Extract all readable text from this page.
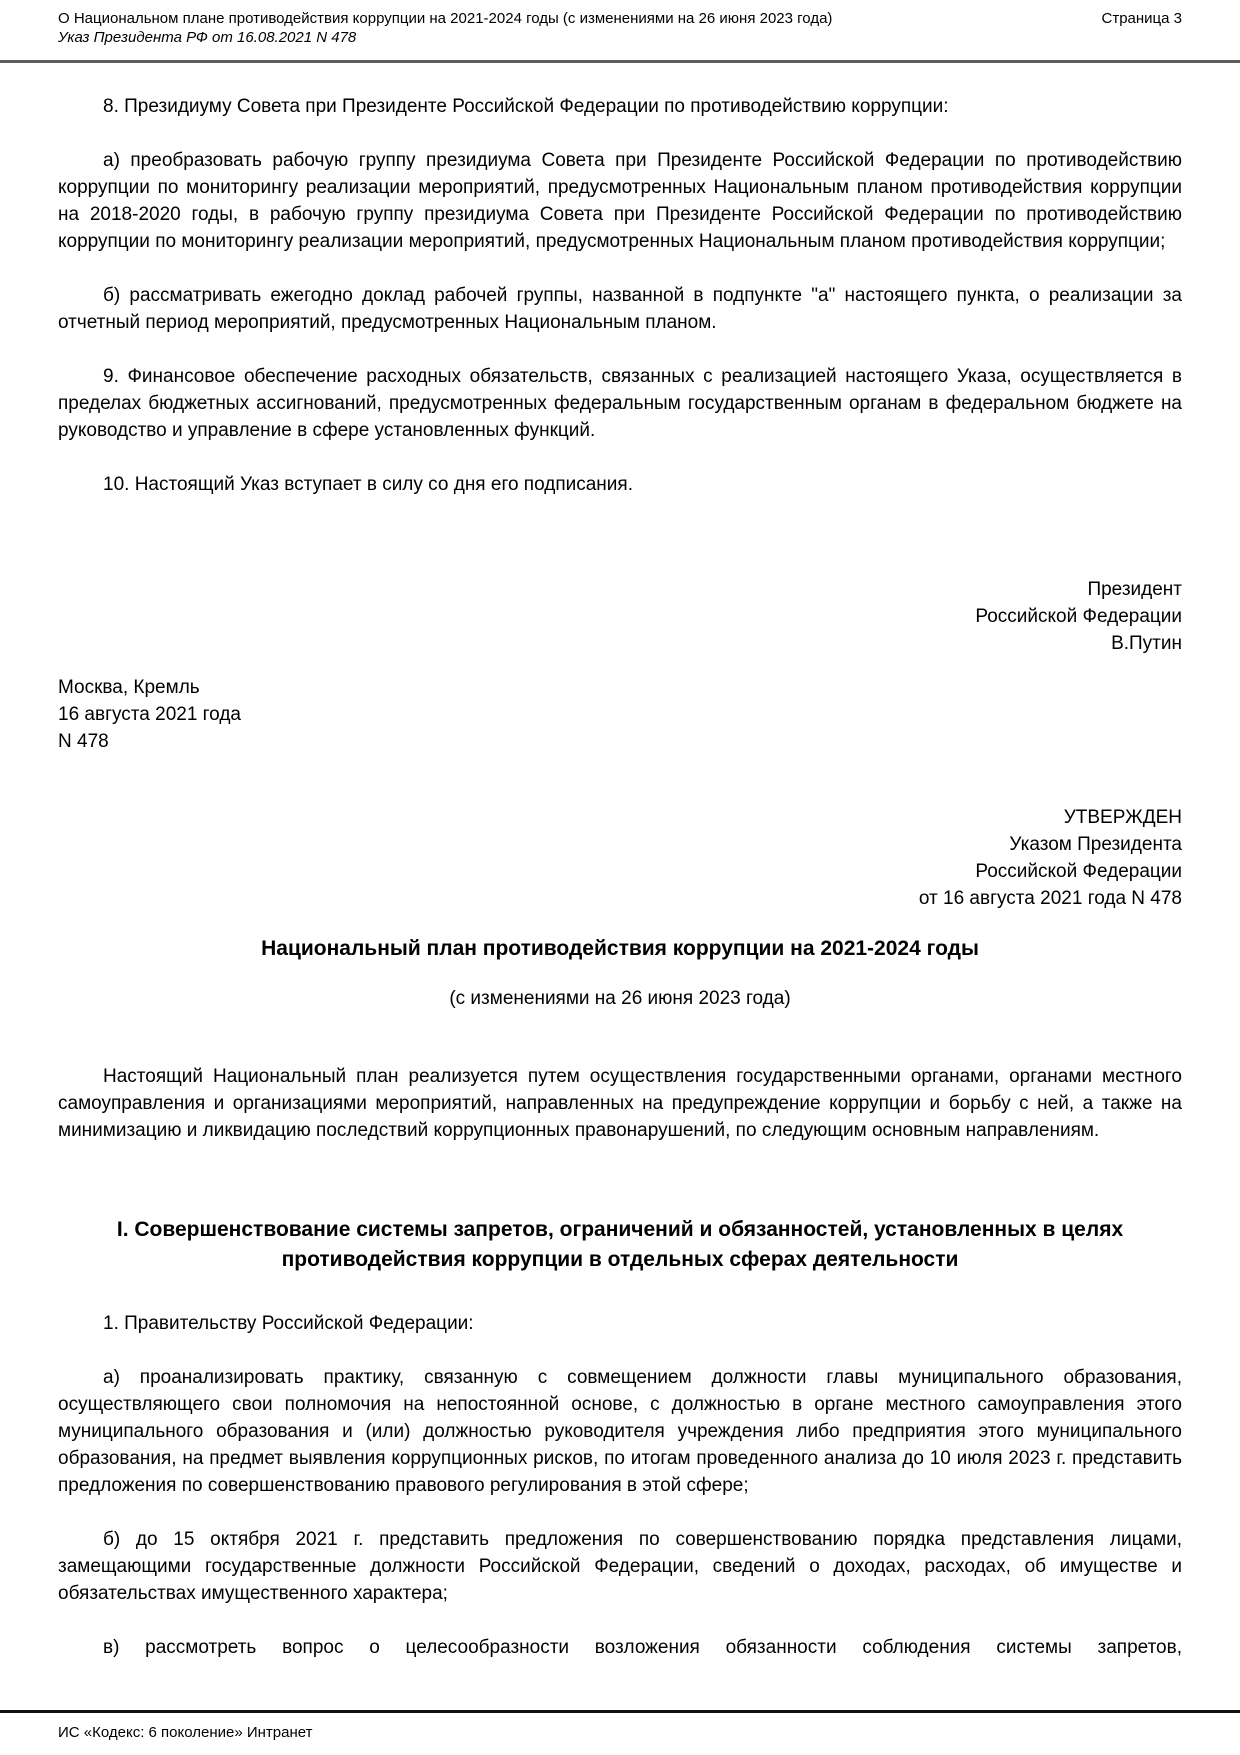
О Национальном плане противодействия коррупции на 2021-2024 годы (с изменениями на 26 июня 2023 года)	Страница 3
Указ Президента РФ от 16.08.2021 N 478

8. Президиуму Совета при Президенте Российской Федерации по противодействию коррупции:

а) преобразовать рабочую группу президиума Совета при Президенте Российской Федерации по противодействию коррупции по мониторингу реализации мероприятий, предусмотренных Национальным планом противодействия коррупции на 2018-2020 годы, в рабочую группу президиума Совета при Президенте Российской Федерации по противодействию коррупции по мониторингу реализации мероприятий, предусмотренных Национальным планом противодействия коррупции;

б) рассматривать ежегодно доклад рабочей группы, названной в подпункте "а" настоящего пункта, о реализации за отчетный период мероприятий, предусмотренных Национальным планом.

9. Финансовое обеспечение расходных обязательств, связанных с реализацией настоящего Указа, осуществляется в пределах бюджетных ассигнований, предусмотренных федеральным государственным органам в федеральном бюджете на руководство и управление в сфере установленных функций.

10. Настоящий Указ вступает в силу со дня его подписания.

Президент
Российской Федерации
В.Путин
Москва, Кремль
16 августа 2021 года
N 478
УТВЕРЖДЕН
Указом Президента
Российской Федерации
от 16 августа 2021 года N 478

Национальный план противодействия коррупции на 2021-2024 годы

(с изменениями на 26 июня 2023 года)

Настоящий Национальный план реализуется путем осуществления государственными органами, органами местного самоуправления и организациями мероприятий, направленных на предупреждение коррупции и борьбу с ней, а также на минимизацию и ликвидацию последствий коррупционных правонарушений, по следующим основным направлениям.

I. Совершенствование системы запретов, ограничений и обязанностей, установленных в целях противодействия коррупции в отдельных сферах деятельности

1. Правительству Российской Федерации:

а) проанализировать практику, связанную с совмещением должности главы муниципального образования, осуществляющего свои полномочия на непостоянной основе, с должностью в органе местного самоуправления этого муниципального образования и (или) должностью руководителя учреждения либо предприятия этого муниципального образования, на предмет выявления коррупционных рисков, по итогам проведенного анализа до 10 июля 2023 г. представить предложения по совершенствованию правового регулирования в этой сфере;

б) до 15 октября 2021 г. представить предложения по совершенствованию порядка представления лицами, замещающими государственные должности Российской Федерации, сведений о доходах, расходах, об имуществе и обязательствах имущественного характера;

в) рассмотреть вопрос о целесообразности возложения обязанности соблюдения системы запретов,

ИС «Кодекс: 6 поколение» Интранет
